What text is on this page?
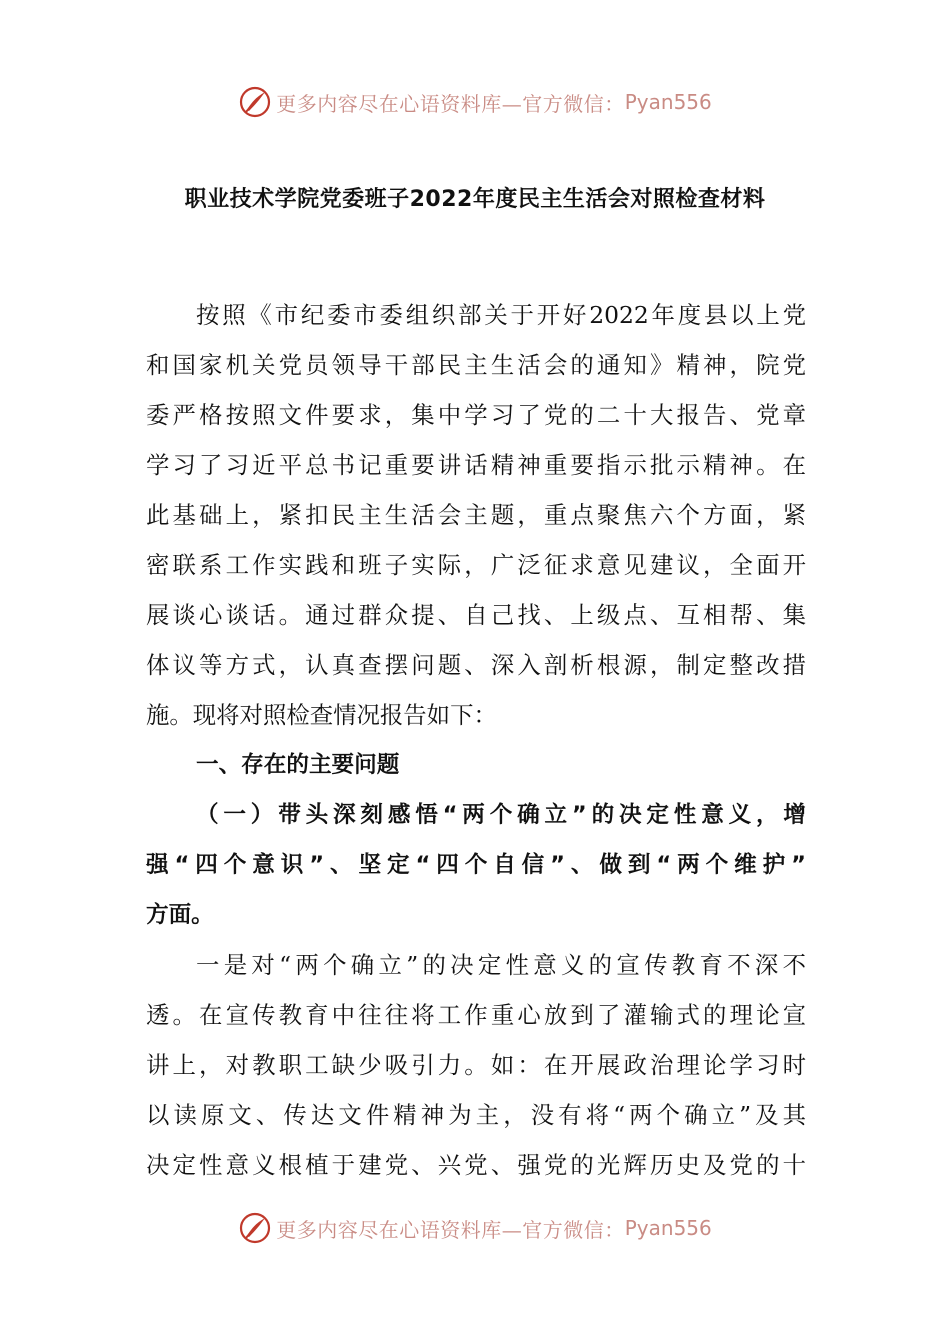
更多内容尽在心语资料库—官方微信： Pyan556
职业技术学院党委班子2022年度民主生活会对照检查材料
按照《市纪委市委组织部关于开好2022年度县以上党
和国家机关党员领导干部民主生活会的通知》精神，院党
委严格按照文件要求，集中学习了党的二十大报告、党章
学习了习近平总书记重要讲话精神重要指示批示精神。在
此基础上，紧扣民主生活会主题，重点聚焦六个方面，紧
密联系工作实践和班子实际，广泛征求意见建议，全面开
展谈心谈话。通过群众提、自己找、上级点、互相帮、集
体议等方式，认真查摆问题、深入剖析根源，制定整改措
施。现将对照检查情况报告如下：
一、存在的主要问题
（一）带头深刻感悟“两个确立”的决定性意义，增
强“四个意识”、坚定“四个自信”、做到“两个维护”
方面。
一是对“两个确立”的决定性意义的宣传教育不深不
透。在宣传教育中往往将工作重心放到了灌输式的理论宣
讲上，对教职工缺少吸引力。如：在开展政治理论学习时
以读原文、传达文件精神为主，没有将“两个确立”及其
决定性意义根植于建党、兴党、强党的光辉历史及党的十
更多内容尽在心语资料库—官方微信： Pyan556
